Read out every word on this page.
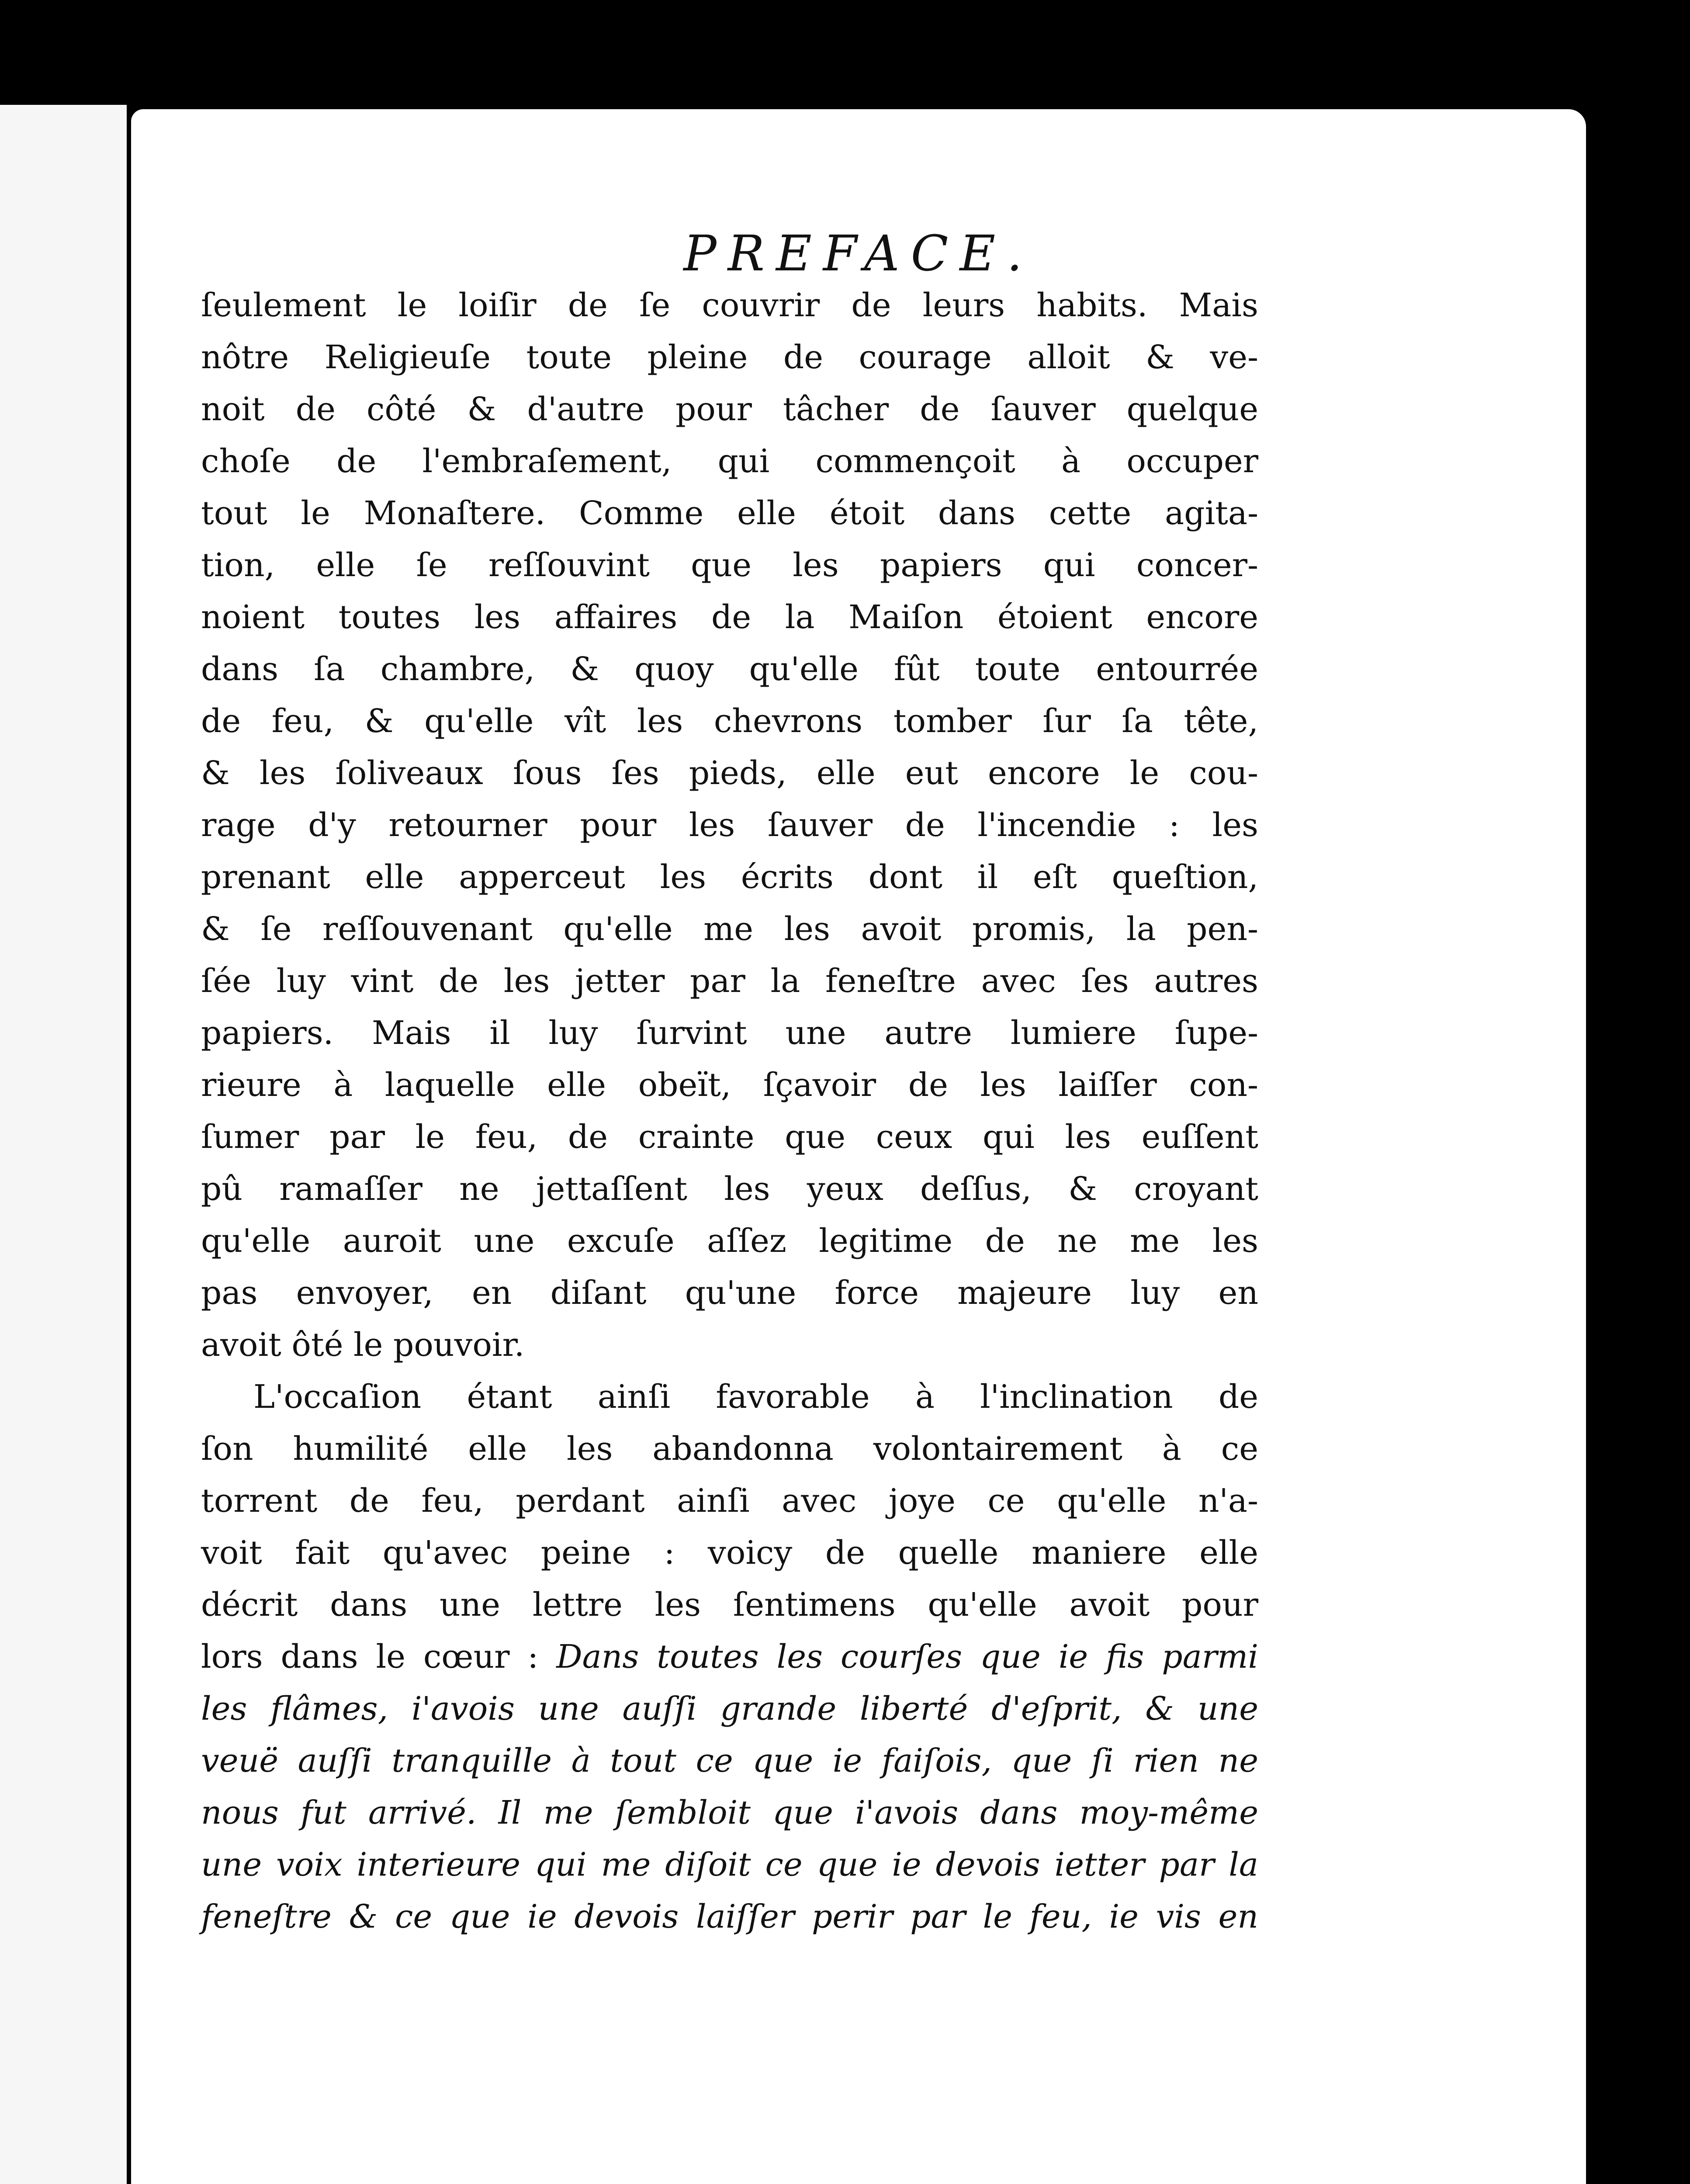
PREFACE.
ſeulement le loiſir de ſe couvrir de leurs habits. Mais
nôtre Religieuſe toute pleine de courage alloit & ve-
noit de côté & d'autre pour tâcher de ſauver quelque
choſe de l'embraſement, qui commençoit à occuper
tout le Monaſtere. Comme elle étoit dans cette agita-
tion, elle ſe reſſouvint que les papiers qui concer-
noient toutes les affaires de la Maiſon étoient encore
dans ſa chambre, & quoy qu'elle fût toute entourrée
de feu, & qu'elle vît les chevrons tomber ſur ſa tête,
& les ſoliveaux ſous ſes pieds, elle eut encore le cou-
rage d'y retourner pour les ſauver de l'incendie : les
prenant elle apperceut les écrits dont il eſt queſtion,
& ſe reſſouvenant qu'elle me les avoit promis, la pen-
ſée luy vint de les jetter par la feneſtre avec ſes autres
papiers. Mais il luy ſurvint une autre lumiere ſupe-
rieure à laquelle elle obeït, ſçavoir de les laiſſer con-
ſumer par le feu, de crainte que ceux qui les euſſent
pû ramaſſer ne jettaſſent les yeux deſſus, & croyant
qu'elle auroit une excuſe aſſez legitime de ne me les
pas envoyer, en diſant qu'une force majeure luy en
avoit ôté le pouvoir.
L'occaſion étant ainſi favorable à l'inclination de
ſon humilité elle les abandonna volontairement à ce
torrent de feu, perdant ainſi avec joye ce qu'elle n'a-
voit fait qu'avec peine : voicy de quelle maniere elle
décrit dans une lettre les ſentimens qu'elle avoit pour
lors dans le cœur : Dans toutes les courſes que ie fis parmi
les flâmes, i'avois une auſſi grande liberté d'eſprit, & une
veuë auſſi tranquille à tout ce que ie faiſois, que ſi rien ne
nous fut arrivé. Il me ſembloit que i'avois dans moy-même
une voix interieure qui me diſoit ce que ie devois ietter par la
feneſtre & ce que ie devois laiſſer perir par le feu, ie vis en
